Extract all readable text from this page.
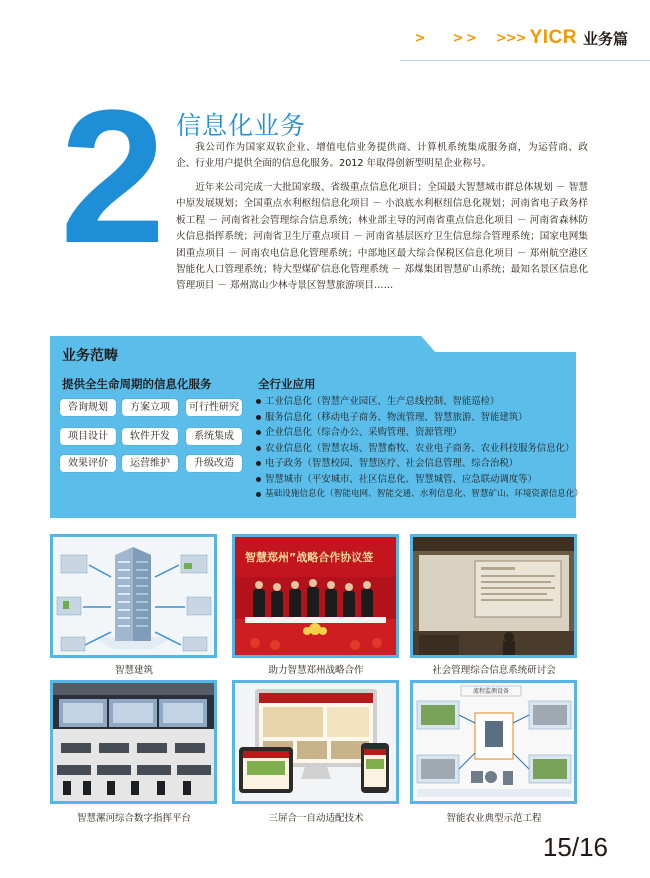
> > > >>> YICR 业务篇
2 信息化业务

我公司作为国家双软企业、增值电信业务提供商、计算机系统集成服务商，为运营商、政企、行业用户提供全面的信息化服务。2012 年取得创新型明星企业称号。

近年来公司完成一大批国家级、省级重点信息化项目；全国最大智慧城市群总体规划 － 智慧中原发展规划；全国重点水利枢纽信息化项目 － 小浪底水利枢纽信息化规划；河南省电子政务样板工程 － 河南省社会管理综合信息系统；林业部主导的河南省重点信息化项目 － 河南省森林防火信息指挥系统；河南省卫生厅重点项目 － 河南省基层医疗卫生信息综合管理系统；国家电网集团重点项目 － 河南农电信息化管理系统；中部地区最大综合保税区信息化项目 － 郑州航空港区智能化人口管理系统；特大型煤矿信息化管理系统 － 郑煤集团智慧矿山系统；最知名景区信息化管理项目 － 郑州嵩山少林寺景区智慧旅游项目……

业务范畴
提供全生命周期的信息化服务
咨询规划	方案立项	可行性研究
项目设计	软件开发	系统集成
效果评价	运营维护	升级改造
全行业应用
工业信息化（智慧产业园区、生产总线控制、智能巡检）
服务信息化（移动电子商务、物流管理、智慧旅游、智能建筑）
企业信息化（综合办公、采购管理、资源管理）
农业信息化（智慧农场、智慧畜牧、农业电子商务、农业科技服务信息化）
电子政务（智慧校园、智慧医疗、社会信息管理、综合治税）
智慧城市（平安城市、社区信息化、智慧城管、应急联动调度等）
基础设施信息化（智能电网、智能交通、水利信息化、智慧矿山、环境资源信息化）
智慧建筑
智慧郑州”战略合作协议签
助力智慧郑州战略合作	社会管理综合信息系统研讨会
智慧漯河综合数字指挥平台	三屏合一自动适配技术
流程监测设备
智能农业典型示范工程
15/16
